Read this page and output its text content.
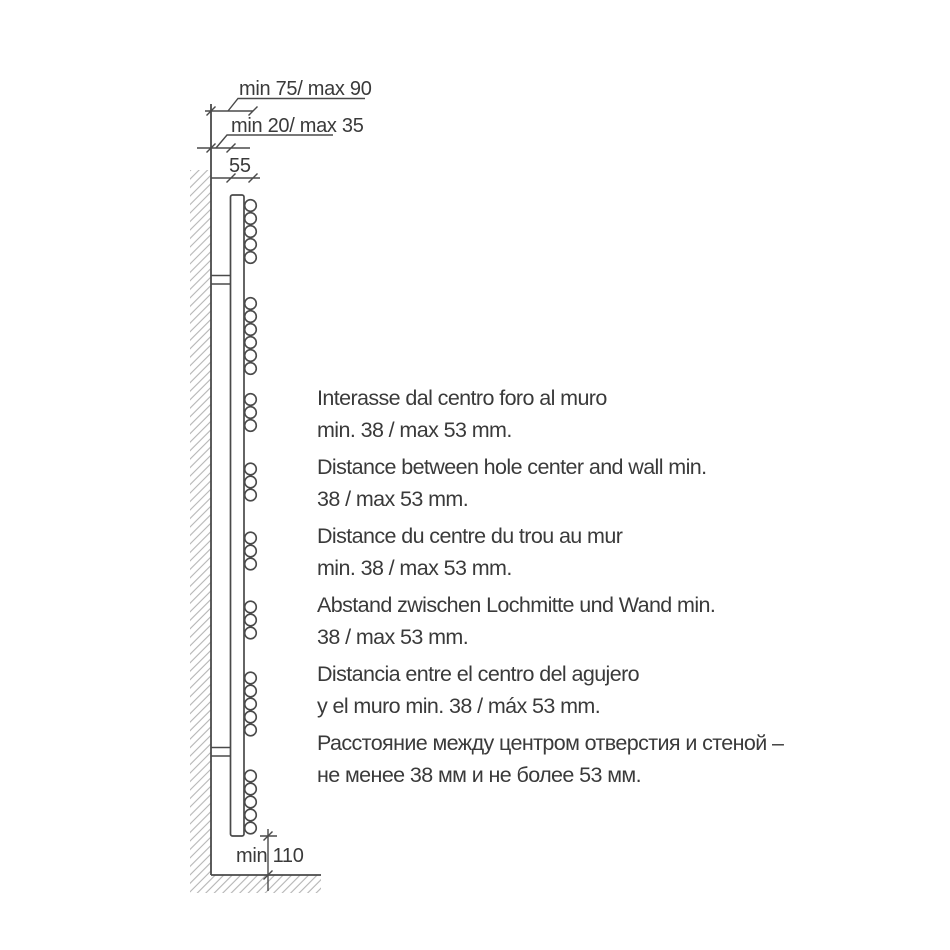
min 75/ max 90
min 20/ max 35
55
min 110
Interasse dal centro foro al muro
min. 38 / max 53 mm.
Distance between hole center and wall min.
38 / max 53 mm.
Distance du centre du trou au mur
min. 38 / max 53 mm.
Abstand zwischen Lochmitte und Wand min.
38 / max 53 mm.
Distancia entre el centro del agujero
y el muro min. 38 / máx 53 mm.
Расстояние между центром отверстия и стеной –
не менее 38 мм и не более 53 мм.
